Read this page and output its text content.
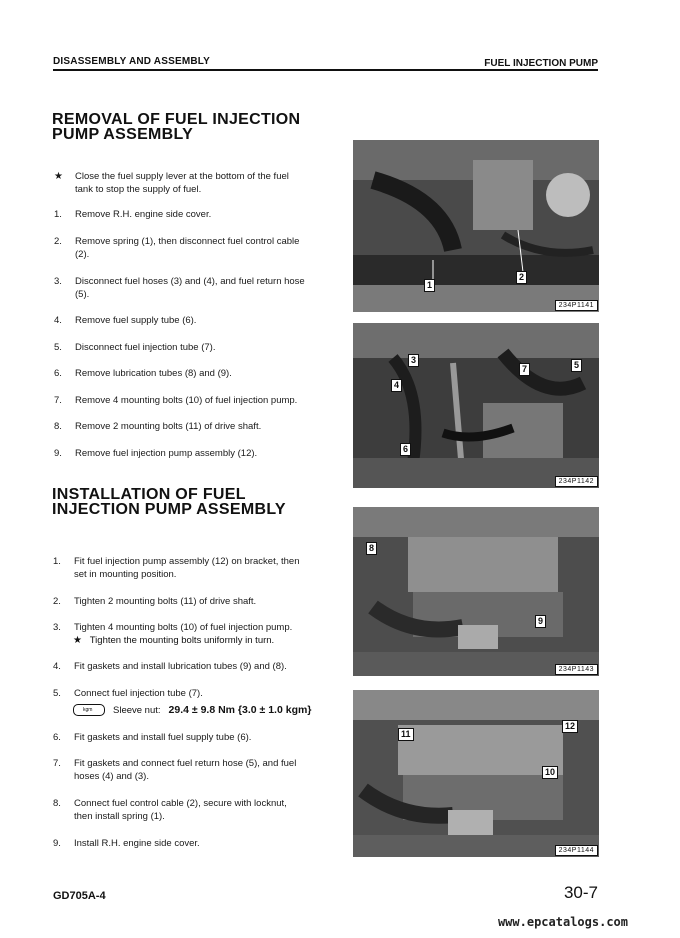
DISASSEMBLY AND ASSEMBLY	FUEL INJECTION PUMP
REMOVAL OF FUEL INJECTION
PUMP ASSEMBLY
★ Close the fuel supply lever at the bottom of the fuel
tank to stop the supply of fuel.
1. Remove R.H. engine side cover.
2. Remove spring (1), then disconnect fuel control cable
(2).
3. Disconnect fuel hoses (3) and (4), and fuel return hose
(5).
4. Remove fuel supply tube (6).
5. Disconnect fuel injection tube (7).
6. Remove lubrication tubes (8) and (9).
7. Remove 4 mounting bolts (10) of fuel injection pump.
8. Remove 2 mounting bolts (11) of drive shaft.
9. Remove fuel injection pump assembly (12).
INSTALLATION OF FUEL
INJECTION PUMP ASSEMBLY
1. Fit fuel injection pump assembly (12) on bracket, then
set in mounting position.
2. Tighten 2 mounting bolts (11) of drive shaft.
3. Tighten 4 mounting bolts (10) of fuel injection pump.
★ Tighten the mounting bolts uniformly in turn.
4. Fit gaskets and install lubrication tubes (9) and (8).
5. Connect fuel injection tube (7).
kgm Sleeve nut: 29.4 ± 9.8 Nm {3.0 ± 1.0 kgm}
6. Fit gaskets and install fuel supply tube (6).
7. Fit gaskets and connect fuel return hose (5), and fuel
hoses (4) and (3).
8. Connect fuel control cable (2), secure with locknut,
then install spring (1).
9. Install R.H. engine side cover.
1
2
234P1141
3
4
6
7	5
234P1142
8
9
234P1143
11
12
10
234P1144
GD705A-4	30-7
www.epcatalogs.com
